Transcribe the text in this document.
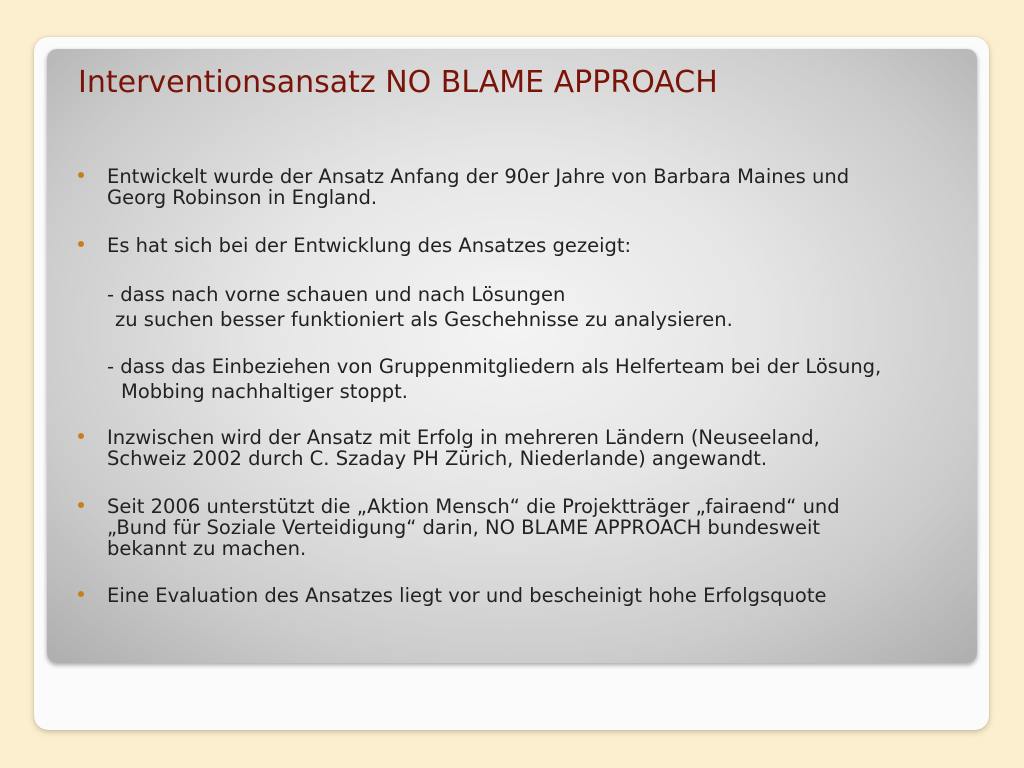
Interventionsansatz NO BLAME APPROACH
Entwickelt wurde der Ansatz Anfang der 90er Jahre von Barbara Maines und
Georg Robinson in England.
Es hat sich bei der Entwicklung des Ansatzes gezeigt:
- dass nach vorne schauen und nach Lösungen
zu suchen besser funktioniert als Geschehnisse zu analysieren.
- dass das Einbeziehen von Gruppenmitgliedern als Helferteam bei der Lösung,
Mobbing nachhaltiger stoppt.
Inzwischen wird der Ansatz mit Erfolg in mehreren Ländern (Neuseeland,
Schweiz 2002 durch C. Szaday PH Zürich, Niederlande) angewandt.
Seit 2006 unterstützt die „Aktion Mensch“ die Projektträger „fairaend“ und
„Bund für Soziale Verteidigung“ darin, NO BLAME APPROACH bundesweit
bekannt zu machen.
Eine Evaluation des Ansatzes liegt vor und bescheinigt hohe Erfolgsquote
